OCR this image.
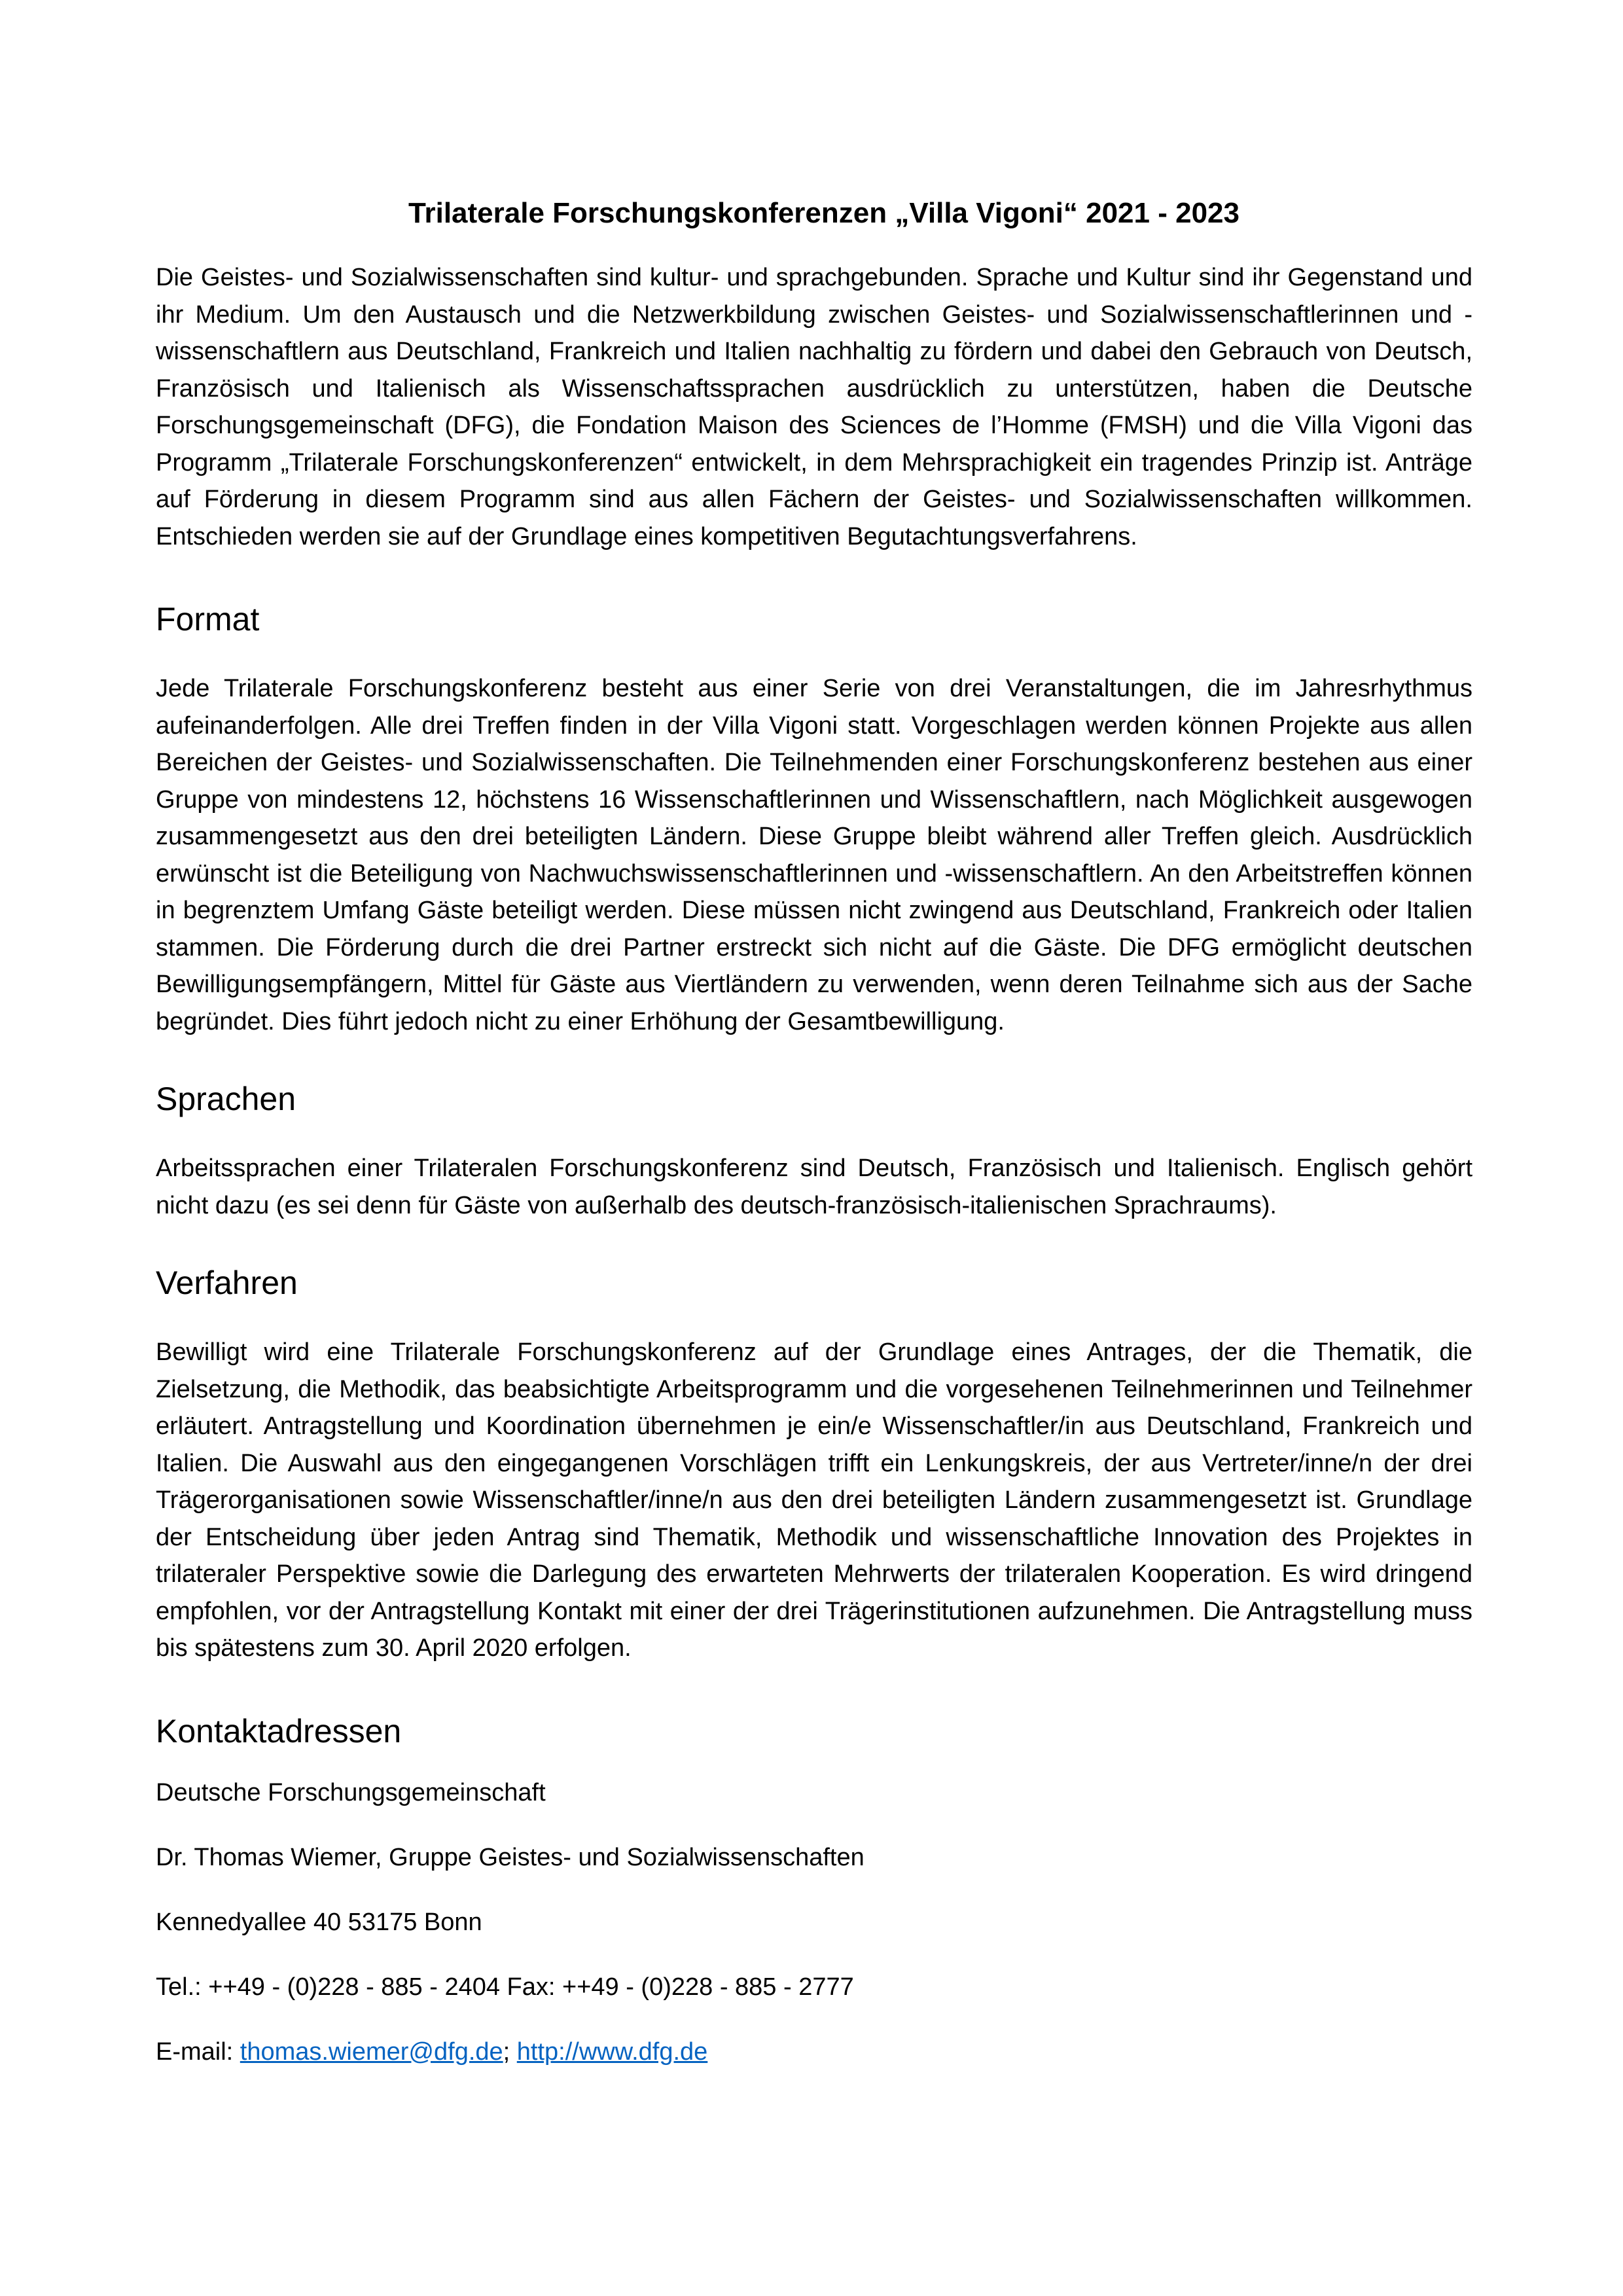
Trilaterale Forschungskonferenzen „Villa Vigoni“ 2021 - 2023

Die Geistes- und Sozialwissenschaften sind kultur- und sprachgebunden. Sprache und Kultur sind ihr Gegenstand und ihr Medium. Um den Austausch und die Netzwerkbildung zwischen Geistes- und Sozialwissenschaftlerinnen und -wissenschaftlern aus Deutschland, Frankreich und Italien nachhaltig zu fördern und dabei den Gebrauch von Deutsch, Französisch und Italienisch als Wissenschaftssprachen ausdrücklich zu unterstützen, haben die Deutsche Forschungsgemeinschaft (DFG), die Fondation Maison des Sciences de l’Homme (FMSH) und die Villa Vigoni das Programm „Trilaterale Forschungskonferenzen“ entwickelt, in dem Mehrsprachigkeit ein tragendes Prinzip ist. Anträge auf Förderung in diesem Programm sind aus allen Fächern der Geistes- und Sozialwissenschaften willkommen. Entschieden werden sie auf der Grundlage eines kompetitiven Begutachtungsverfahrens.

Format

Jede Trilaterale Forschungskonferenz besteht aus einer Serie von drei Veranstaltungen, die im Jahresrhythmus aufeinanderfolgen. Alle drei Treffen finden in der Villa Vigoni statt. Vorgeschlagen werden können Projekte aus allen Bereichen der Geistes- und Sozialwissenschaften. Die Teilnehmenden einer Forschungskonferenz bestehen aus einer Gruppe von mindestens 12, höchstens 16 Wissenschaftlerinnen und Wissenschaftlern, nach Möglichkeit ausgewogen zusammengesetzt aus den drei beteiligten Ländern. Diese Gruppe bleibt während aller Treffen gleich. Ausdrücklich erwünscht ist die Beteiligung von Nachwuchswissenschaftlerinnen und -wissenschaftlern. An den Arbeitstreffen können in begrenztem Umfang Gäste beteiligt werden. Diese müssen nicht zwingend aus Deutschland, Frankreich oder Italien stammen. Die Förderung durch die drei Partner erstreckt sich nicht auf die Gäste. Die DFG ermöglicht deutschen Bewilligungsempfängern, Mittel für Gäste aus Viertländern zu verwenden, wenn deren Teilnahme sich aus der Sache begründet. Dies führt jedoch nicht zu einer Erhöhung der Gesamtbewilligung.

Sprachen

Arbeitssprachen einer Trilateralen Forschungskonferenz sind Deutsch, Französisch und Italienisch. Englisch gehört nicht dazu (es sei denn für Gäste von außerhalb des deutsch-französisch-italienischen Sprachraums).

Verfahren

Bewilligt wird eine Trilaterale Forschungskonferenz auf der Grundlage eines Antrages, der die Thematik, die Zielsetzung, die Methodik, das beabsichtigte Arbeitsprogramm und die vorgesehenen Teilnehmerinnen und Teilnehmer erläutert. Antragstellung und Koordination übernehmen je ein/e Wissenschaftler/in aus Deutschland, Frankreich und Italien. Die Auswahl aus den eingegangenen Vorschlägen trifft ein Lenkungskreis, der aus Vertreter/inne/n der drei Trägerorganisationen sowie Wissenschaftler/inne/n aus den drei beteiligten Ländern zusammengesetzt ist. Grundlage der Entscheidung über jeden Antrag sind Thematik, Methodik und wissenschaftliche Innovation des Projektes in trilateraler Perspektive sowie die Darlegung des erwarteten Mehrwerts der trilateralen Kooperation. Es wird dringend empfohlen, vor der Antragstellung Kontakt mit einer der drei Trägerinstitutionen aufzunehmen. Die Antragstellung muss bis spätestens zum 30. April 2020 erfolgen.

Kontaktadressen
Deutsche Forschungsgemeinschaft
Dr. Thomas Wiemer, Gruppe Geistes- und Sozialwissenschaften
Kennedyallee 40 53175 Bonn
Tel.: ++49 - (0)228 - 885 - 2404 Fax: ++49 - (0)228 - 885 - 2777
E-mail: thomas.wiemer@dfg.de; http://www.dfg.de
